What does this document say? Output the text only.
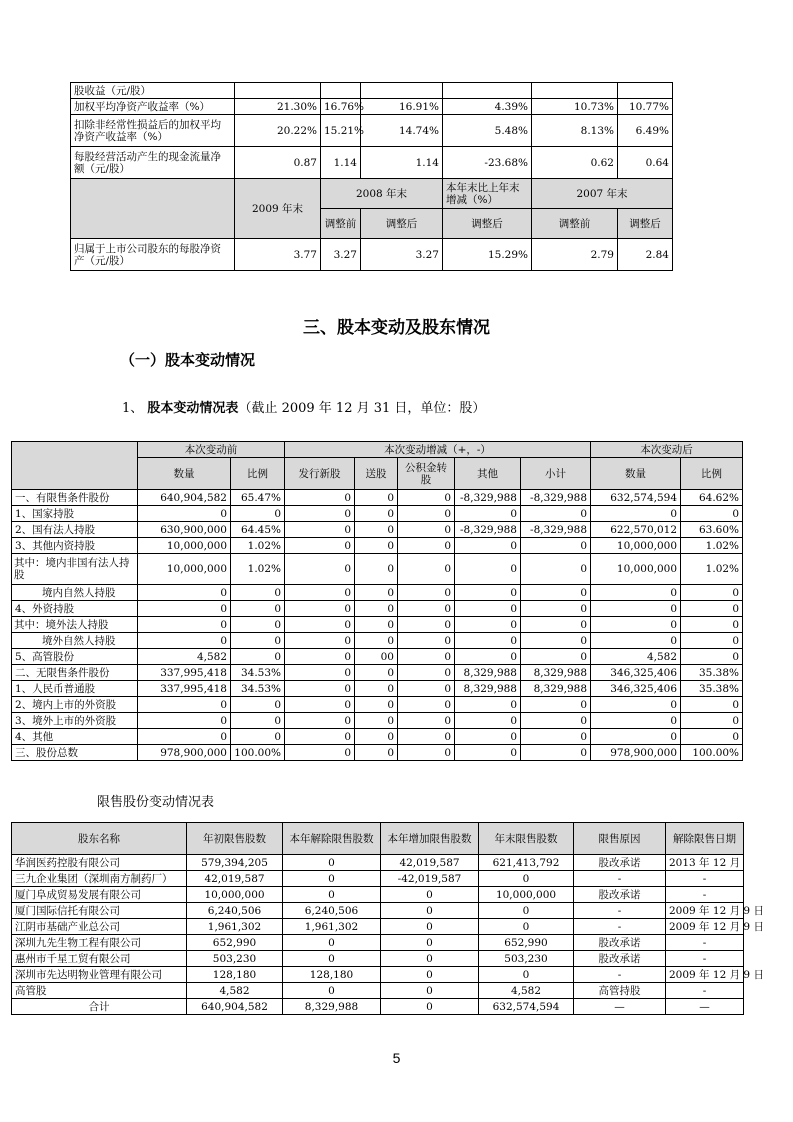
股收益（元/股）						
加权平均净资产收益率（%）	21.30%	16.76%	16.91%	4.39%	10.73%	10.77%
扣除非经常性损益后的加权平均净资产收益率（%）	20.22%	15.21%	14.74%	5.48%	8.13%	6.49%
每股经营活动产生的现金流量净额（元/股）	0.87	1.14	1.14	-23.68%	0.62	0.64
	2009 年末	2008 年末		本年末比上年末增减（%）	2007 年末	
		调整前	调整后	调整后	调整前	调整后
归属于上市公司股东的每股净资产（元/股）	3.77	3.27	3.27	15.29%	2.79	2.84
三、股本变动及股东情况
（一）股本变动情况
1、 股本变动情况表（截止 2009 年 12 月 31 日，单位：股）
	本次变动前		本次变动增减（+，-）					本次变动后	
	数量	比例	发行新股	送股	公积金转股	其他	小计	数量	比例
一、有限售条件股份	640,904,582	65.47%	0	0	0	-8,329,988	-8,329,988	632,574,594	64.62%
1、国家持股	0	0	0	0	0	0	0	0	0
2、国有法人持股	630,900,000	64.45%	0	0	0	-8,329,988	-8,329,988	622,570,012	63.60%
3、其他内资持股	10,000,000	1.02%	0	0	0	0	0	10,000,000	1.02%
其中：境内非国有法人持股	10,000,000	1.02%	0	0	0	0	0	10,000,000	1.02%
境内自然人持股	0	0	0	0	0	0	0	0	0
4、外资持股	0	0	0	0	0	0	0	0	0
其中：境外法人持股	0	0	0	0	0	0	0	0	0
境外自然人持股	0	0	0	0	0	0	0	0	0
5、高管股份	4,582	0	0	00	0	0	0	4,582	0
二、无限售条件股份	337,995,418	34.53%	0	0	0	8,329,988	8,329,988	346,325,406	35.38%
1、人民币普通股	337,995,418	34.53%	0	0	0	8,329,988	8,329,988	346,325,406	35.38%
2、境内上市的外资股	0	0	0	0	0	0	0	0	0
3、境外上市的外资股	0	0	0	0	0	0	0	0	0
4、其他	0	0	0	0	0	0	0	0	0
三、股份总数	978,900,000	100.00%	0	0	0	0	0	978,900,000	100.00%
限售股份变动情况表
股东名称	年初限售股数	本年解除限售股数	本年增加限售股数	年末限售股数	限售原因	解除限售日期
华润医药控股有限公司	579,394,205	0	42,019,587	621,413,792	股改承诺	2013 年 12 月
三九企业集团（深圳南方制药厂）	42,019,587	0	-42,019,587	0	-	-
厦门阜成贸易发展有限公司	10,000,000	0	0	10,000,000	股改承诺	-
厦门国际信托有限公司	6,240,506	6,240,506	0	0	-	2009 年 12 月 9 日
江阴市基础产业总公司	1,961,302	1,961,302	0	0	-	2009 年 12 月 9 日
深圳九先生物工程有限公司	652,990	0	0	652,990	股改承诺	-
惠州市千星工贸有限公司	503,230	0	0	503,230	股改承诺	-
深圳市先达明物业管理有限公司	128,180	128,180	0	0	-	2009 年 12 月 9 日
高管股	4,582	0	0	4,582	高管持股	-
合计	640,904,582	8,329,988	0	632,574,594	—	—
5
